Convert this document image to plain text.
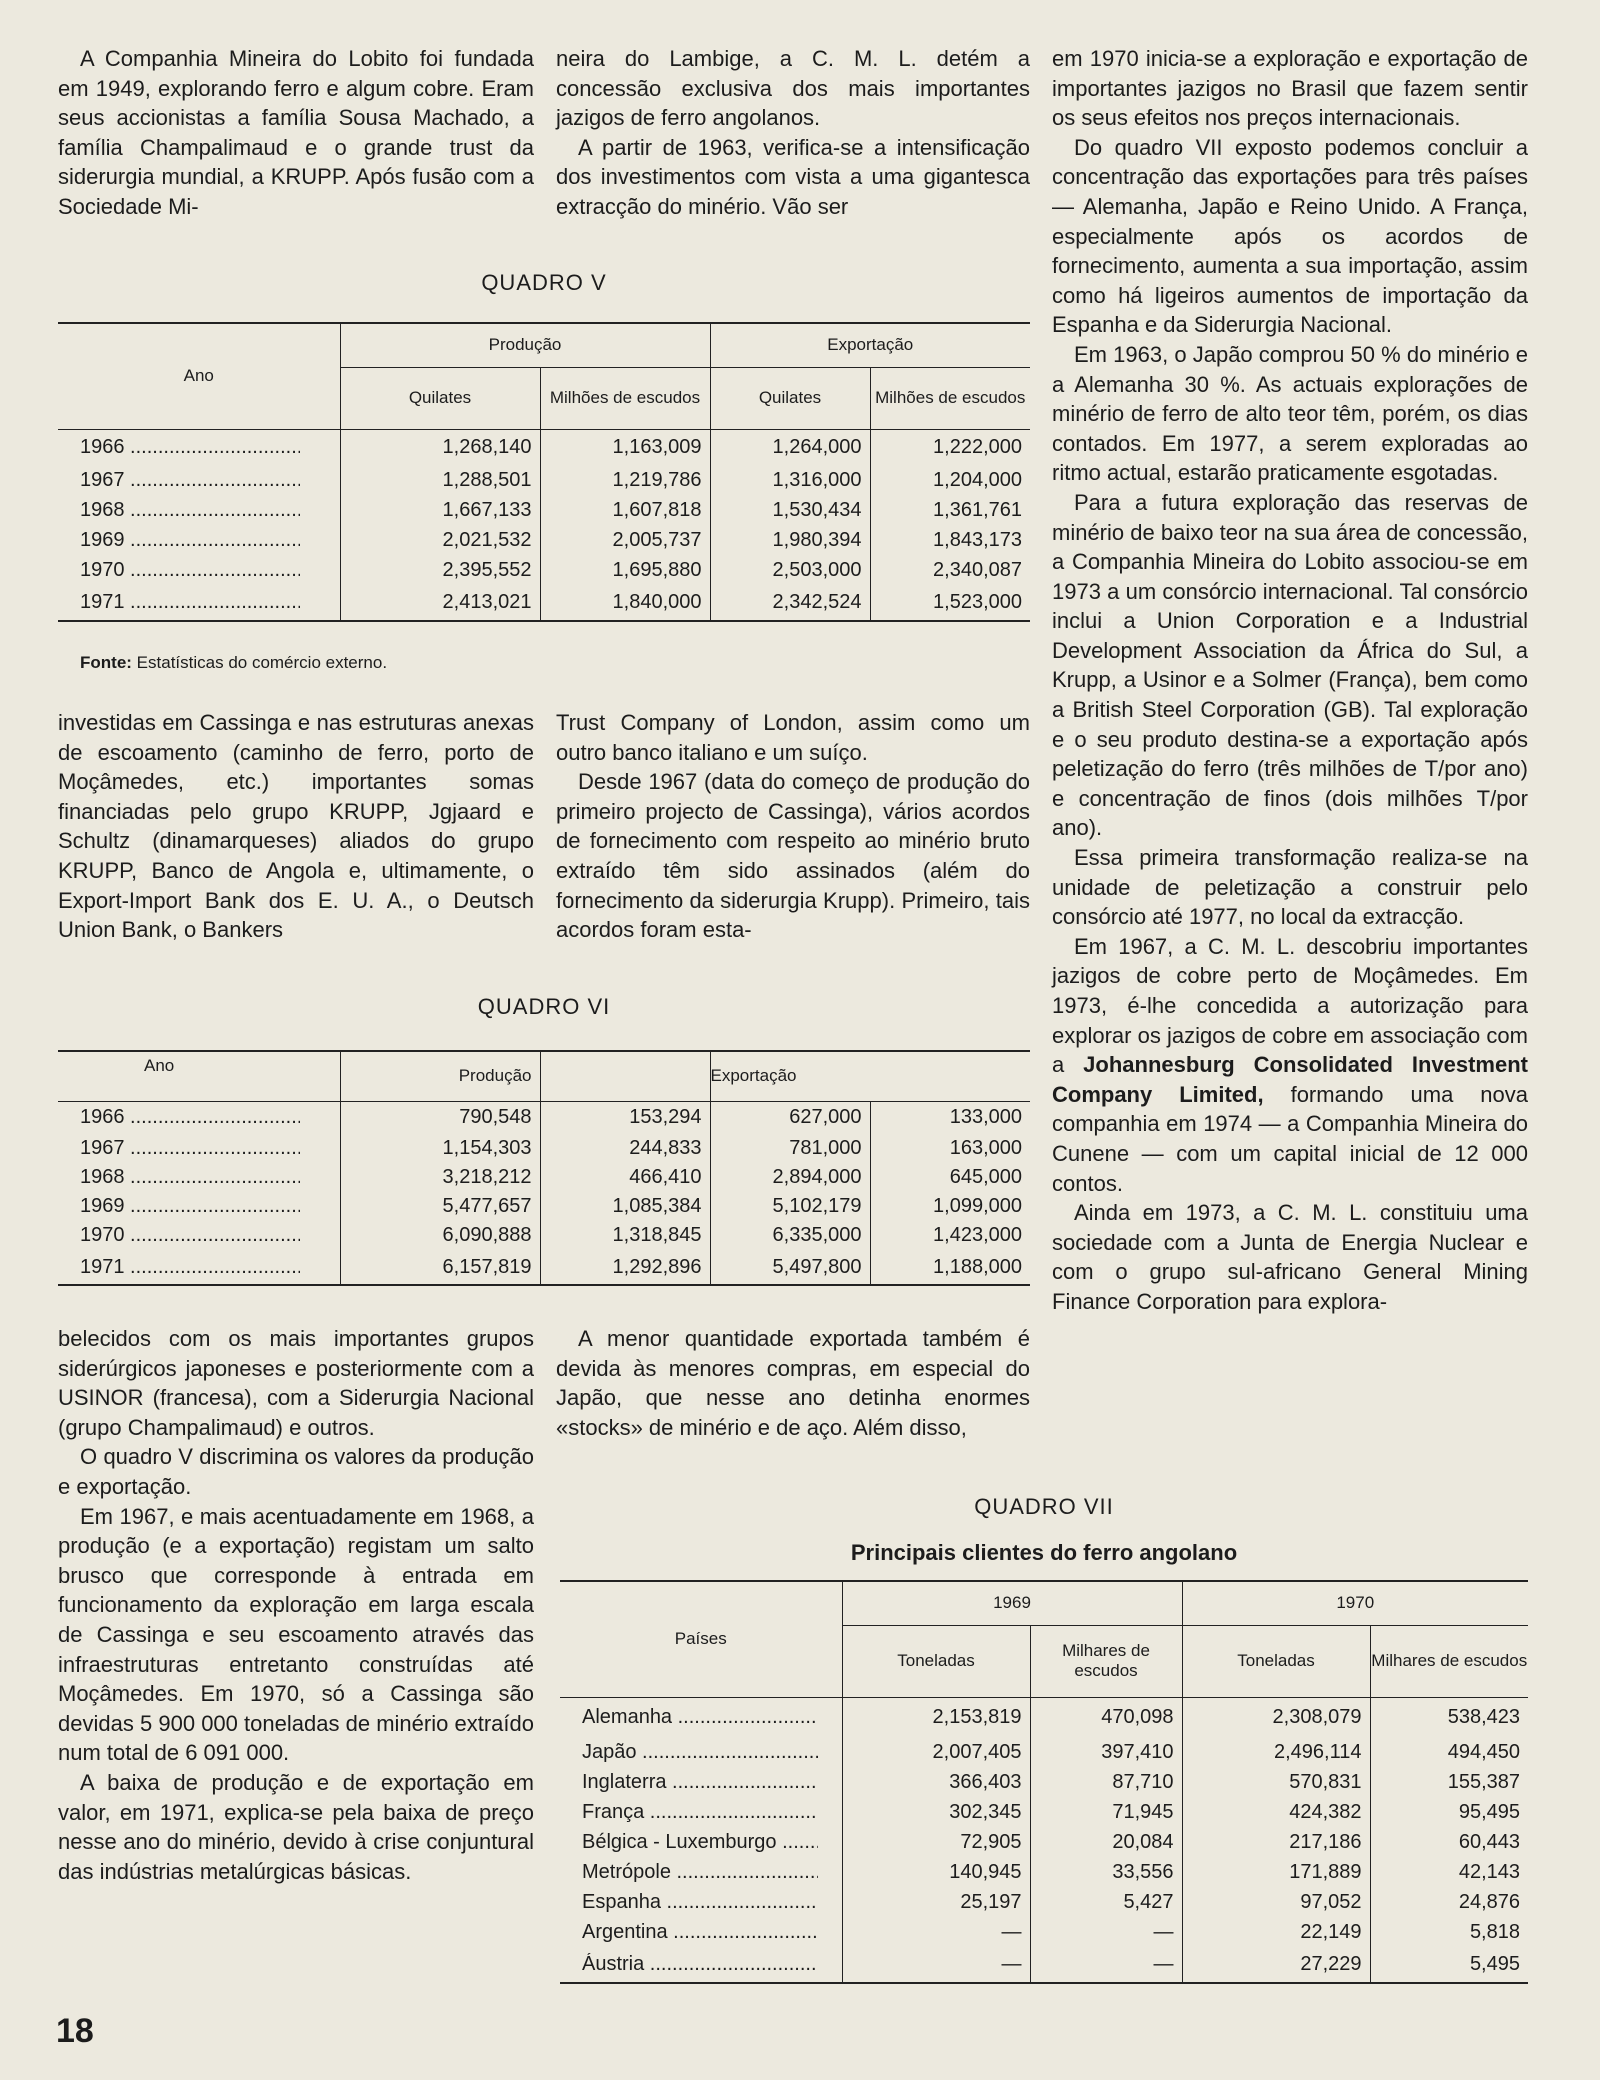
A Companhia Mineira do Lobito foi fundada em 1949, explorando ferro e algum cobre. Eram seus accionistas a família Sousa Machado, a família Champalimaud e o grande trust da siderurgia mundial, a KRUPP. Após fusão com a Sociedade Mi-

neira do Lambige, a C. M. L. detém a concessão exclusiva dos mais importantes jazigos de ferro angolanos.

A partir de 1963, verifica-se a intensificação dos investimentos com vista a uma gigantesca extracção do minério. Vão ser

QUADRO V
Ano	Produção		Exportação	
	Quilates	Milhões de escudos	Quilates	Milhões de escudos

1966 .....	1,268,140	1,163,009	1,264,000	1,222,000

1967 .....	1,288,501	1,219,786	1,316,000	1,204,000

1968 .....	1,667,133	1,607,818	1,530,434	1,361,761

1969 .....	2,021,532	2,005,737	1,980,394	1,843,173

1970 .....	2,395,552	1,695,880	2,503,000	2,340,087

1971 .....	2,413,021	1,840,000	2,342,524	1,523,000
Fonte: Estatísticas do comércio externo.

investidas em Cassinga e nas estruturas anexas de escoamento (caminho de ferro, porto de Moçâmedes, etc.) importantes somas financiadas pelo grupo KRUPP, Jgjaard e Schultz (dinamarqueses) aliados do grupo KRUPP, Banco de Angola e, ultimamente, o Export-Import Bank dos E. U. A., o Deutsch Union Bank, o Bankers

Trust Company of London, assim como um outro banco italiano e um suíço.

Desde 1967 (data do começo de produção do primeiro projecto de Cassinga), vários acordos de fornecimento com respeito ao minério bruto extraído têm sido assinados (além do fornecimento da siderurgia Krupp). Primeiro, tais acordos foram esta-

QUADRO VI
Ano	Produção		Exportação	

1966 .....	790,548	153,294	627,000	133,000

1967 .....	1,154,303	244,833	781,000	163,000

1968 .....	3,218,212	466,410	2,894,000	645,000

1969 .....	5,477,657	1,085,384	5,102,179	1,099,000

1970 .....	6,090,888	1,318,845	6,335,000	1,423,000

1971 .....	6,157,819	1,292,896	5,497,800	1,188,000

belecidos com os mais importantes grupos siderúrgicos japoneses e posteriormente com a USINOR (francesa), com a Siderurgia Nacional (grupo Champalimaud) e outros.

O quadro V discrimina os valores da produção e exportação.

Em 1967, e mais acentuadamente em 1968, a produção (e a exportação) registam um salto brusco que corresponde à entrada em funcionamento da exploração em larga escala de Cassinga e seu escoamento através das infraestruturas entretanto construídas até Moçâmedes. Em 1970, só a Cassinga são devidas 5 900 000 toneladas de minério extraído num total de 6 091 000.

A baixa de produção e de exportação em valor, em 1971, explica-se pela baixa de preço nesse ano do minério, devido à crise conjuntural das indústrias metalúrgicas básicas.

A menor quantidade exportada também é devida às menores compras, em especial do Japão, que nesse ano detinha enormes «stocks» de minério e de aço. Além disso,

em 1970 inicia-se a exploração e exportação de importantes jazigos no Brasil que fazem sentir os seus efeitos nos preços internacionais.

Do quadro VII exposto podemos concluir a concentração das exportações para três países — Alemanha, Japão e Reino Unido. A França, especialmente após os acordos de fornecimento, aumenta a sua importação, assim como há ligeiros aumentos de importação da Espanha e da Siderurgia Nacional.

Em 1963, o Japão comprou 50 % do minério e a Alemanha 30 %. As actuais explorações de minério de ferro de alto teor têm, porém, os dias contados. Em 1977, a serem exploradas ao ritmo actual, estarão praticamente esgotadas.

Para a futura exploração das reservas de minério de baixo teor na sua área de concessão, a Companhia Mineira do Lobito associou-se em 1973 a um consórcio internacional. Tal consórcio inclui a Union Corporation e a Industrial Development Association da África do Sul, a Krupp, a Usinor e a Solmer (França), bem como a British Steel Corporation (GB). Tal exploração e o seu produto destina-se a exportação após peletização do ferro (três milhões de T/por ano) e concentração de finos (dois milhões T/por ano).

Essa primeira transformação realiza-se na unidade de peletização a construir pelo consórcio até 1977, no local da extracção.

Em 1967, a C. M. L. descobriu importantes jazigos de cobre perto de Moçâmedes. Em 1973, é-lhe concedida a autorização para explorar os jazigos de cobre em associação com a Johannesburg Consolidated Investment Company Limited, formando uma nova companhia em 1974 — a Companhia Mineira do Cunene — com um capital inicial de 12 000 contos.

Ainda em 1973, a C. M. L. constituiu uma sociedade com a Junta de Energia Nuclear e com o grupo sul-africano General Mining Finance Corporation para explora-

QUADRO VII
Principais clientes do ferro angolano
Países	1969		1970	
	Toneladas	Milhares de escudos	Toneladas	Milhares de escudos

Alemanha .....	2,153,819	470,098	2,308,079	538,423

Japão .....	2,007,405	397,410	2,496,114	494,450

Inglaterra .....	366,403	87,710	570,831	155,387

França .....	302,345	71,945	424,382	95,495

Bélgica - Luxemburgo .....	72,905	20,084	217,186	60,443

Metrópole .....	140,945	33,556	171,889	42,143

Espanha .....	25,197	5,427	97,052	24,876

Argentina .....	—	—	22,149	5,818

Áustria .....	—	—	27,229	5,495
18
